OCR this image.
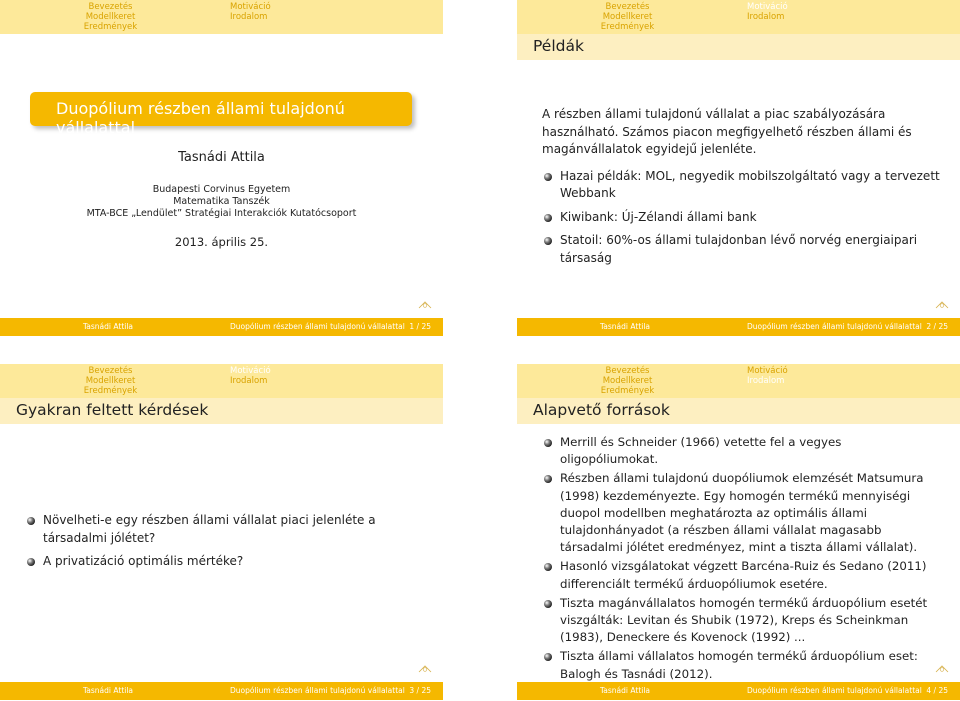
Bevezetés
Modellkeret
Eredmények
Motiváció
Irodalom
Duopólium részben állami tulajdonú vállalattal
Tasnádi Attila
Budapesti Corvinus Egyetem
Matematika Tanszék
MTA-BCE „Lendület” Stratégiai Interakciók Kutatócsoport
2013. április 25.
Tasnádi Attila	Duopólium részben állami tulajdonú vállalattal 1 / 25
Bevezetés
Modellkeret
Eredmények
Motiváció
Irodalom
Példák

A részben állami tulajdonú vállalat a piac szabályozására használható. Számos piacon megfigyelhető részben állami és magánvállalatok egyidejű jelenléte.

Hazai példák: MOL, negyedik mobilszolgáltató vagy a tervezett Webbank
Kiwibank: Új-Zélandi állami bank
Statoil: 60%-os állami tulajdonban lévő norvég energiaipari társaság
Tasnádi Attila	Duopólium részben állami tulajdonú vállalattal 2 / 25
Bevezetés
Modellkeret
Eredmények
Motiváció
Irodalom
Gyakran feltett kérdések
Növelheti-e egy részben állami vállalat piaci jelenléte a társadalmi jólétet?
A privatizáció optimális mértéke?
Tasnádi Attila	Duopólium részben állami tulajdonú vállalattal 3 / 25
Bevezetés
Modellkeret
Eredmények
Motiváció
Irodalom
Alapvető források
Merrill és Schneider (1966) vetette fel a vegyes oligopóliumokat.
Részben állami tulajdonú duopóliumok elemzését Matsumura (1998) kezdeményezte. Egy homogén termékű mennyiségi duopol modellben meghatározta az optimális állami tulajdonhányadot (a részben állami vállalat magasabb társadalmi jólétet eredményez, mint a tiszta állami vállalat).
Hasonló vizsgálatokat végzett Barcéna-Ruiz és Sedano (2011) differenciált termékű árduopóliumok esetére.
Tiszta magánvállalatos homogén termékű árduopólium esetét viszgálták: Levitan és Shubik (1972), Kreps és Scheinkman (1983), Deneckere és Kovenock (1992) ...
Tiszta állami vállalatos homogén termékű árduopólium eset: Balogh és Tasnádi (2012).
Tasnádi Attila	Duopólium részben állami tulajdonú vállalattal 4 / 25
